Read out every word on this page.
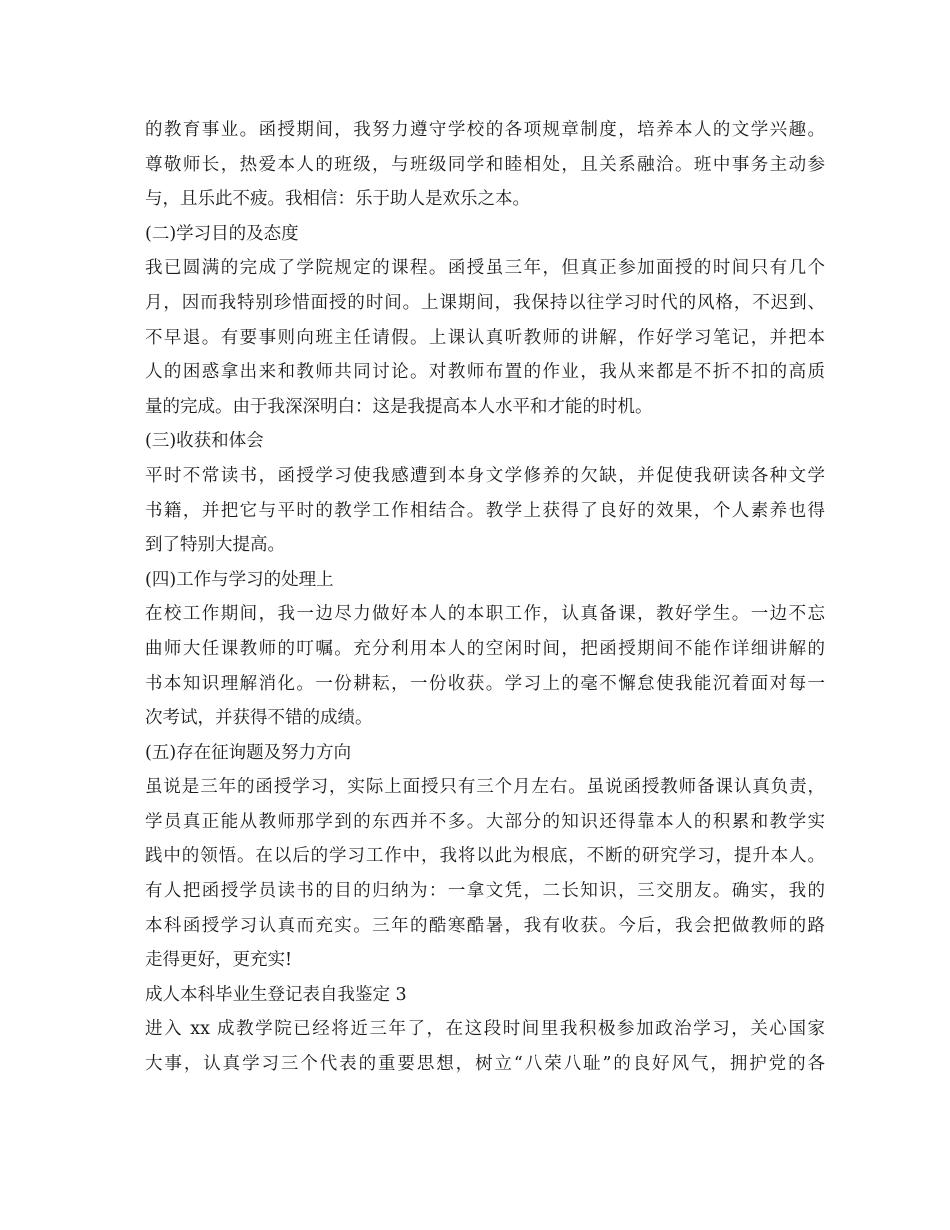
的教育事业。函授期间，我努力遵守学校的各项规章制度，培养本人的文学兴趣。
尊敬师长，热爱本人的班级，与班级同学和睦相处，且关系融洽。班中事务主动参
与，且乐此不疲。我相信：乐于助人是欢乐之本。
(二)学习目的及态度
我已圆满的完成了学院规定的课程。函授虽三年，但真正参加面授的时间只有几个
月，因而我特别珍惜面授的时间。上课期间，我保持以往学习时代的风格，不迟到、
不早退。有要事则向班主任请假。上课认真听教师的讲解，作好学习笔记，并把本
人的困惑拿出来和教师共同讨论。对教师布置的作业，我从来都是不折不扣的高质
量的完成。由于我深深明白：这是我提高本人水平和才能的时机。
(三)收获和体会
平时不常读书，函授学习使我感遭到本身文学修养的欠缺，并促使我研读各种文学
书籍，并把它与平时的教学工作相结合。教学上获得了良好的效果，个人素养也得
到了特别大提高。
(四)工作与学习的处理上
在校工作期间，我一边尽力做好本人的本职工作，认真备课，教好学生。一边不忘
曲师大任课教师的叮嘱。充分利用本人的空闲时间，把函授期间不能作详细讲解的
书本知识理解消化。一份耕耘，一份收获。学习上的毫不懈怠使我能沉着面对每一
次考试，并获得不错的成绩。
(五)存在征询题及努力方向
虽说是三年的函授学习，实际上面授只有三个月左右。虽说函授教师备课认真负责，
学员真正能从教师那学到的东西并不多。大部分的知识还得靠本人的积累和教学实
践中的领悟。在以后的学习工作中，我将以此为根底，不断的研究学习，提升本人。
有人把函授学员读书的目的归纳为：一拿文凭，二长知识，三交朋友。确实，我的
本科函授学习认真而充实。三年的酷寒酷暑，我有收获。今后，我会把做教师的路
走得更好，更充实!
成人本科毕业生登记表自我鉴定 3
进入 xx 成教学院已经将近三年了，在这段时间里我积极参加政治学习，关心国家
大事，认真学习三个代表的重要思想，树立“八荣八耻”的良好风气，拥护党的各
